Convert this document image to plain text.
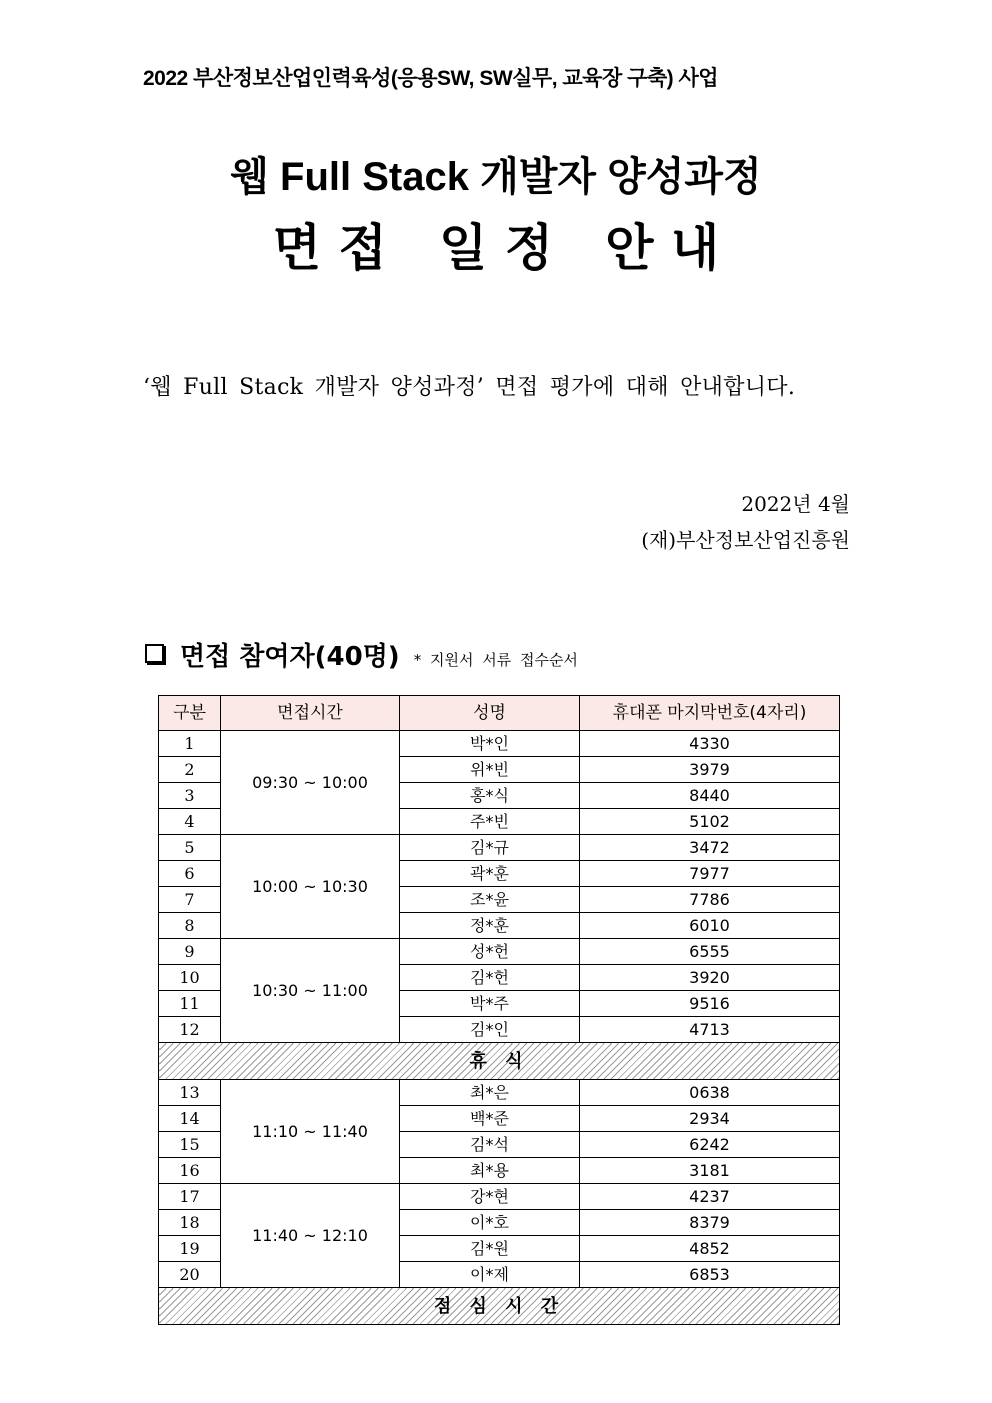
2022 부산정보산업인력육성(응용SW, SW실무, 교육장 구축) 사업
웹 Full Stack 개발자 양성과정
면 접   일 정   안 내
‘웹 Full Stack 개발자 양성과정’ 면접 평가에 대해 안내합니다.
2022년 4월
(재)부산정보산업진흥원
면접 참여자(40명) * 지원서 서류 접수순서
구분	면접시간	성명	휴대폰 마지막번호(4자리)
1	09:30 ~ 10:00	박*인	4330
2		위*빈	3979
3		홍*식	8440
4		주*빈	5102
5	10:00 ~ 10:30	김*규	3472
6		곽*훈	7977
7		조*윤	7786
8		정*훈	6010
9	10:30 ~ 11:00	성*헌	6555
10		김*헌	3920
11		박*주	9516
12		김*인	4713
휴 식			
13	11:10 ~ 11:40	최*은	0638
14		백*준	2934
15		김*석	6242
16		최*용	3181
17	11:40 ~ 12:10	강*현	4237
18		이*호	8379
19		김*원	4852
20		이*제	6853
점 심 시 간			
